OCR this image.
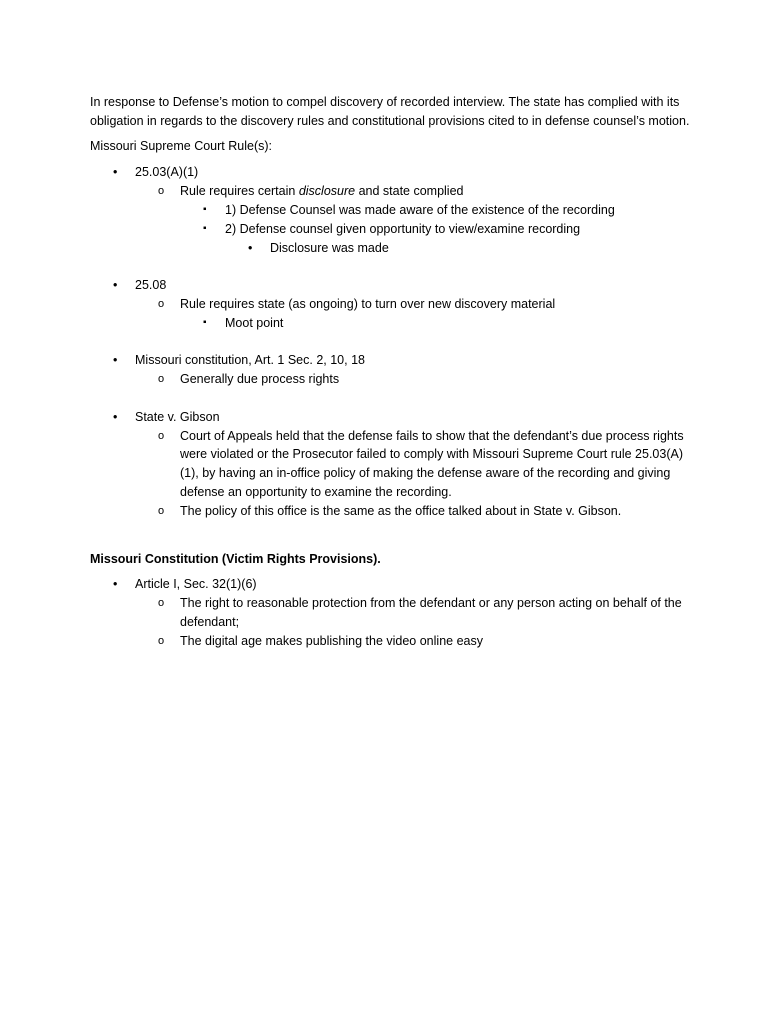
In response to Defense’s motion to compel discovery of recorded interview. The state has complied with its obligation in regards to the discovery rules and constitutional provisions cited to in defense counsel’s motion.

Missouri Supreme Court Rule(s):

• 25.03(A)(1)
o Rule requires certain disclosure and state complied
▪ 1) Defense Counsel was made aware of the existence of the recording
▪ 2) Defense counsel given opportunity to view/examine recording
• Disclosure was made
• 25.08
o Rule requires state (as ongoing) to turn over new discovery material
▪ Moot point
• Missouri constitution, Art. 1 Sec. 2, 10, 18
o Generally due process rights
• State v. Gibson
o Court of Appeals held that the defense fails to show that the defendant’s due process rights were violated or the Prosecutor failed to comply with Missouri Supreme Court rule 25.03(A)(1), by having an in-office policy of making the defense aware of the recording and giving defense an opportunity to examine the recording.
o The policy of this office is the same as the office talked about in State v. Gibson.

Missouri Constitution (Victim Rights Provisions).

• Article I, Sec. 32(1)(6)
o The right to reasonable protection from the defendant or any person acting on behalf of the defendant;
o The digital age makes publishing the video online easy
